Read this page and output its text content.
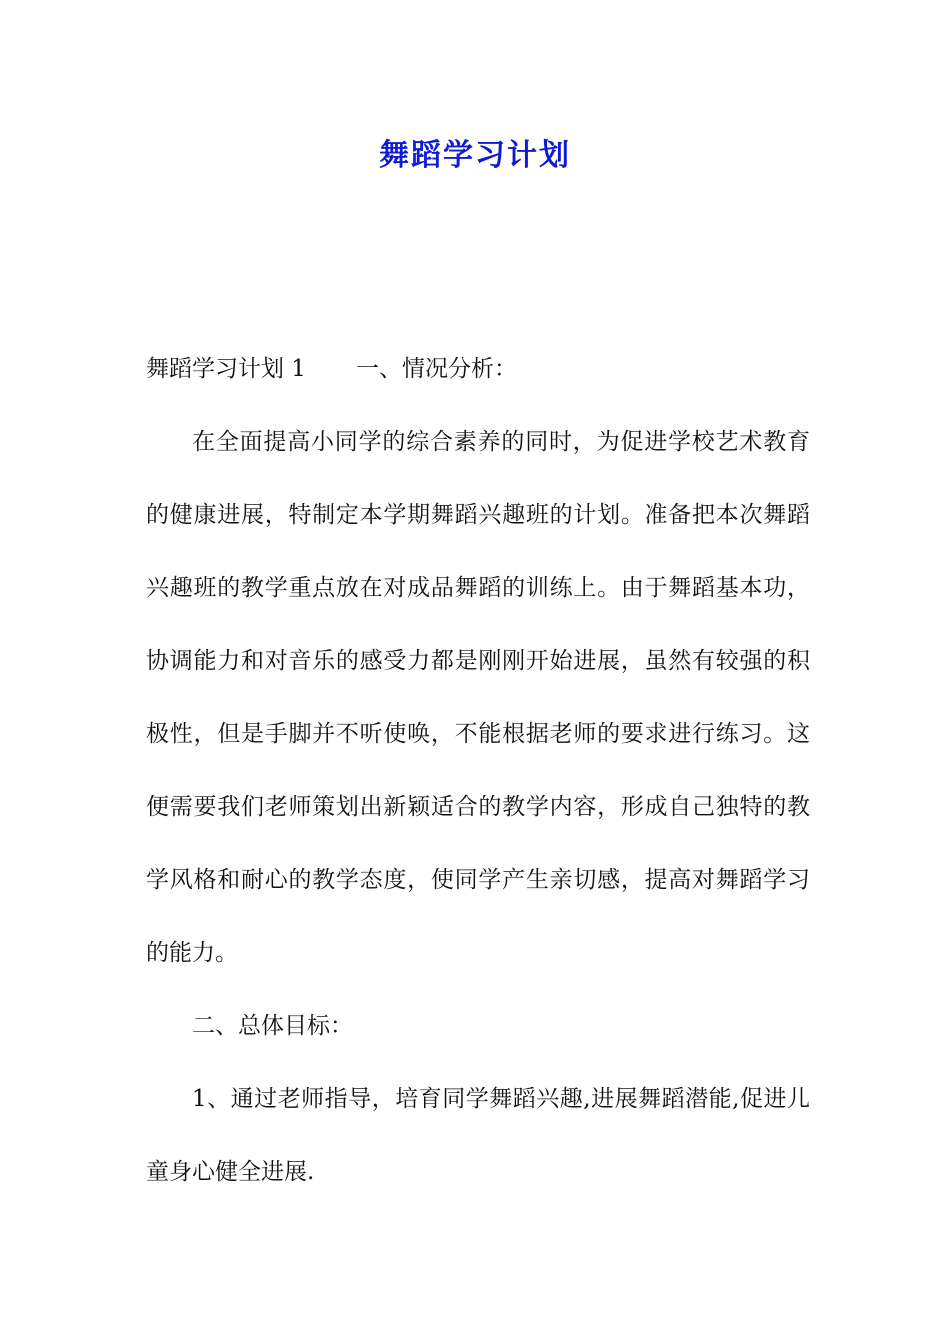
舞蹈学习计划

舞蹈学习计划 1 一、情况分析：

在全面提高小同学的综合素养的同时，为促进学校艺术教育的健康进展，特制定本学期舞蹈兴趣班的计划。准备把本次舞蹈兴趣班的教学重点放在对成品舞蹈的训练上。由于舞蹈基本功，协调能力和对音乐的感受力都是刚刚开始进展，虽然有较强的积极性，但是手脚并不听使唤，不能根据老师的要求进行练习。这便需要我们老师策划出新颖适合的教学内容，形成自己独特的教学风格和耐心的教学态度，使同学产生亲切感，提高对舞蹈学习的能力。

二、总体目标：

1、通过老师指导，培育同学舞蹈兴趣,进展舞蹈潜能,促进儿童身心健全进展.
